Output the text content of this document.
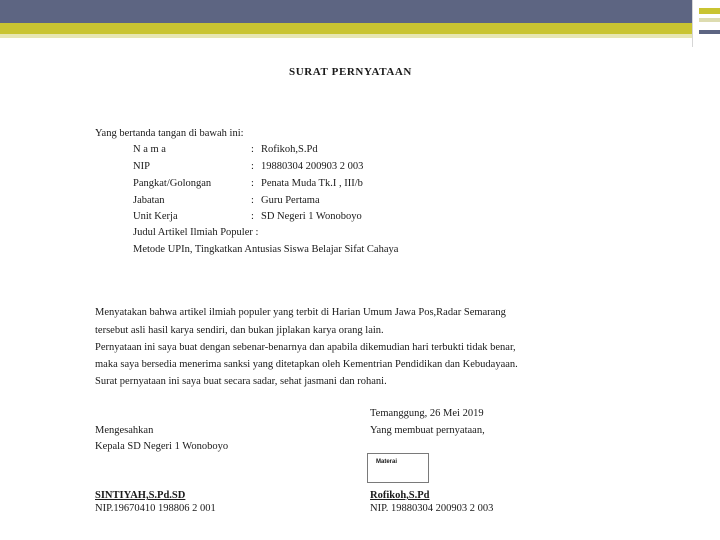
SURAT PERNYATAAN
Yang bertanda tangan di bawah ini:
N a m a	: Rofikoh,S.Pd
NIP	: 19880304 200903 2 003
Pangkat/Golongan	: Penata Muda Tk.I , III/b
Jabatan	: Guru Pertama
Unit Kerja	: SD Negeri 1 Wonoboyo
Judul Artikel Ilmiah Populer :
Metode UPIn, Tingkatkan Antusias Siswa Belajar Sifat Cahaya
Menyatakan bahwa artikel ilmiah populer yang terbit di Harian Umum Jawa Pos,Radar Semarang
tersebut asli hasil karya sendiri, dan bukan jiplakan karya orang lain.
Pernyataan ini saya buat dengan sebenar-benarnya dan apabila dikemudian hari terbukti tidak benar,
maka saya bersedia menerima sanksi yang ditetapkan oleh Kementrian Pendidikan dan Kebudayaan.
Surat pernyataan ini saya buat secara sadar, sehat jasmani dan rohani.
Temanggung, 26 Mei 2019
Mengesahkan	Yang membuat pernyataan,
Kepala SD Negeri 1 Wonoboyo
Materai
SINTIYAH,S.Pd.SD	Rofikoh,S.Pd
NIP.19670410 198806 2 001	NIP. 19880304 200903 2 003
